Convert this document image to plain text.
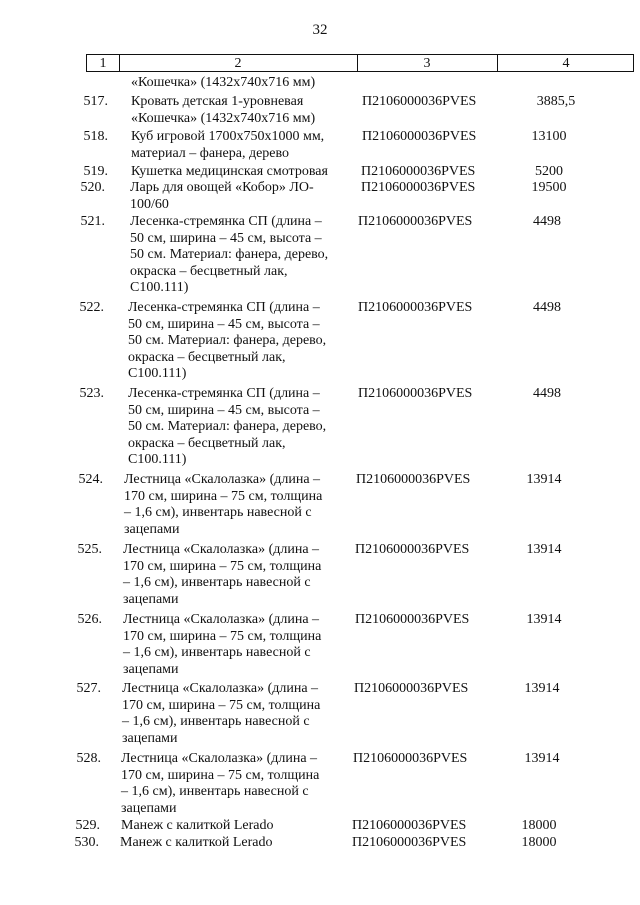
32
1	2	3	4
«Кошечка» (1432x740x716 мм)
517. Кровать детская 1-уровневая
«Кошечка» (1432x740x716 мм)
П2106000036PVES	3885,5
518. Куб игровой 1700x750x1000 мм,
материал – фанера, дерево
П2106000036PVES	13100
519. Кушетка медицинская смотровая	П2106000036PVES	5200
520. Ларь для овощей «Кобор» ЛО-
100/60
П2106000036PVES	19500
521. Лесенка-стремянка СП (длина –
50 см, ширина – 45 см, высота –
50 см. Материал: фанера, дерево,
окраска – бесцветный лак,
С100.111)
П2106000036PVES	4498
522. Лесенка-стремянка СП (длина –
50 см, ширина – 45 см, высота –
50 см. Материал: фанера, дерево,
окраска – бесцветный лак,
С100.111)
П2106000036PVES	4498
523. Лесенка-стремянка СП (длина –
50 см, ширина – 45 см, высота –
50 см. Материал: фанера, дерево,
окраска – бесцветный лак,
С100.111)
П2106000036PVES	4498
524. Лестница «Скалолазка» (длина –
170 см, ширина – 75 см, толщина
– 1,6 см), инвентарь навесной с
зацепами
П2106000036PVES	13914
525. Лестница «Скалолазка» (длина –
170 см, ширина – 75 см, толщина
– 1,6 см), инвентарь навесной с
зацепами
П2106000036PVES	13914
526. Лестница «Скалолазка» (длина –
170 см, ширина – 75 см, толщина
– 1,6 см), инвентарь навесной с
зацепами
П2106000036PVES	13914
527. Лестница «Скалолазка» (длина –
170 см, ширина – 75 см, толщина
– 1,6 см), инвентарь навесной с
зацепами
П2106000036PVES	13914
528. Лестница «Скалолазка» (длина –
170 см, ширина – 75 см, толщина
– 1,6 см), инвентарь навесной с
зацепами
П2106000036PVES	13914
529. Манеж с калиткой Lerado	П2106000036PVES	18000
530. Манеж с калиткой Lerado	П2106000036PVES	18000
